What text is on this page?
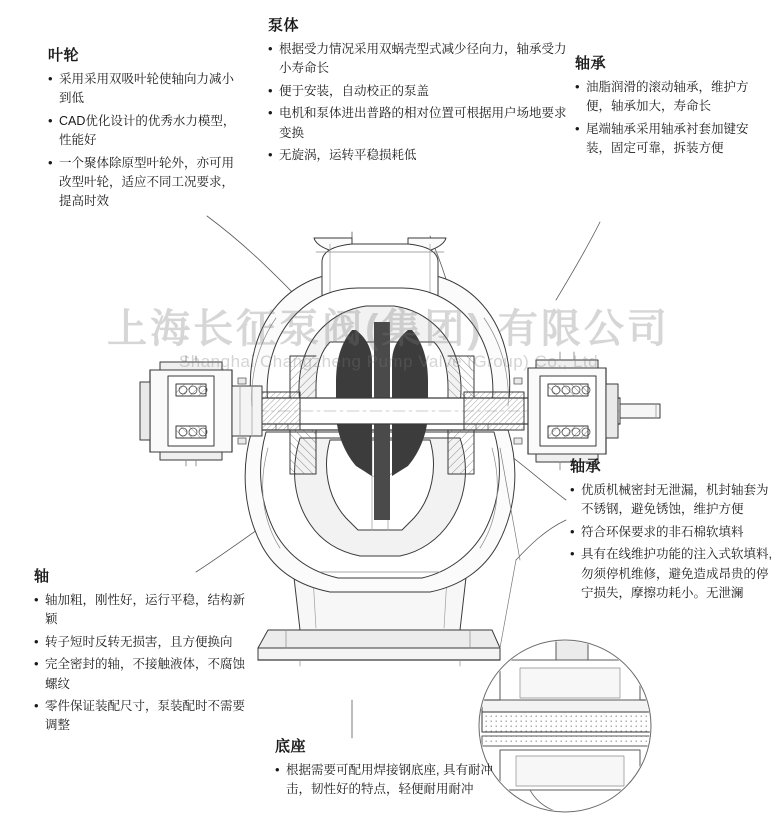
上海长征泵阀(集团) 有限公司
Shanghai Changzheng Pump Valve (Group) Co., Ltd
叶轮
• 采用采用双吸叶轮使轴向力减小到低
• CAD优化设计的优秀水力模型，性能好
• 一个聚体除原型叶轮外，亦可用改型叶轮，适应不同工况要求，提高时效
泵体
• 根据受力情况采用双蜗壳型式减少径向力，轴承受力小寿命长
• 便于安装，自动校正的泵盖
• 电机和泵体进出普路的相对位置可根据用户场地要求变换
• 无旋涡，运转平稳损耗低
轴承
• 油脂润滑的滚动轴承，维护方便，轴承加大，寿命长
• 尾端轴承采用轴承衬套加键安装，固定可靠，拆装方便
轴承
• 优质机械密封无泄漏，机封轴套为不锈钢，避免锈蚀，维护方便
• 符合环保要求的非石棉软填料
• 具有在线维护功能的注入式软填料,勿须停机维修，避免造成昂贵的停宁损失，摩擦功耗小。无泄澜
轴
• 轴加粗，刚性好，运行平稳，结构新颖
• 转子短时反转无损害，且方便换向
• 完全密封的轴，不接触液体，不腐蚀螺纹
• 零件保证装配尺寸，泵装配时不需要调整
底座
• 根据需要可配用焊接钢底座, 具有耐冲击，韧性好的特点，轻便耐用耐冲
